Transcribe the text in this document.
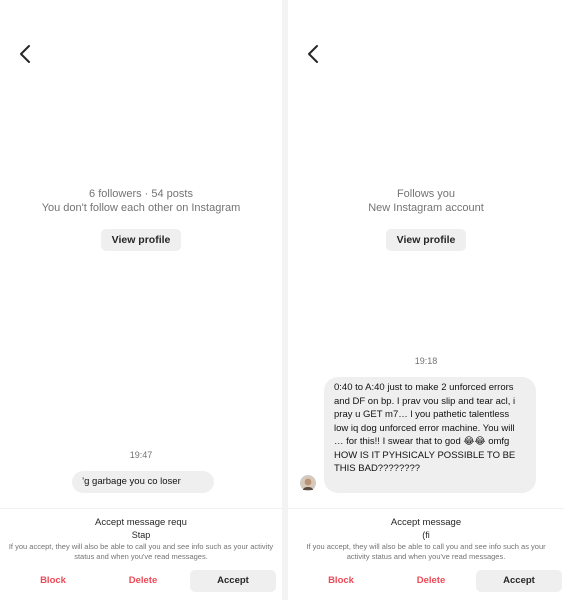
6 followers · 54 posts
You don't follow each other on Instagram
View profile
19:47
’g garbage you co loser
Accept message requ
Stap
If you accept, they will also be able to call you and see info such as your activity status and when you've read messages.
Block	Delete	Accept
Follows you
New Instagram account
View profile
19:18
0:40 to A:40 just to make 2 unforced errors and DF on bp. I prav vou slip and tear acl, i pray u GET m7… l you pathetic talentless low iq dog unforced error machine. You will … for this!! I swear that to god 😂😂 omfg HOW IS IT PYHSICALY POSSIBLE TO BE THIS BAD????????
Accept message
(fi
If you accept, they will also be able to call you and see info such as your activity status and when you've read messages.
Block	Delete	Accept
